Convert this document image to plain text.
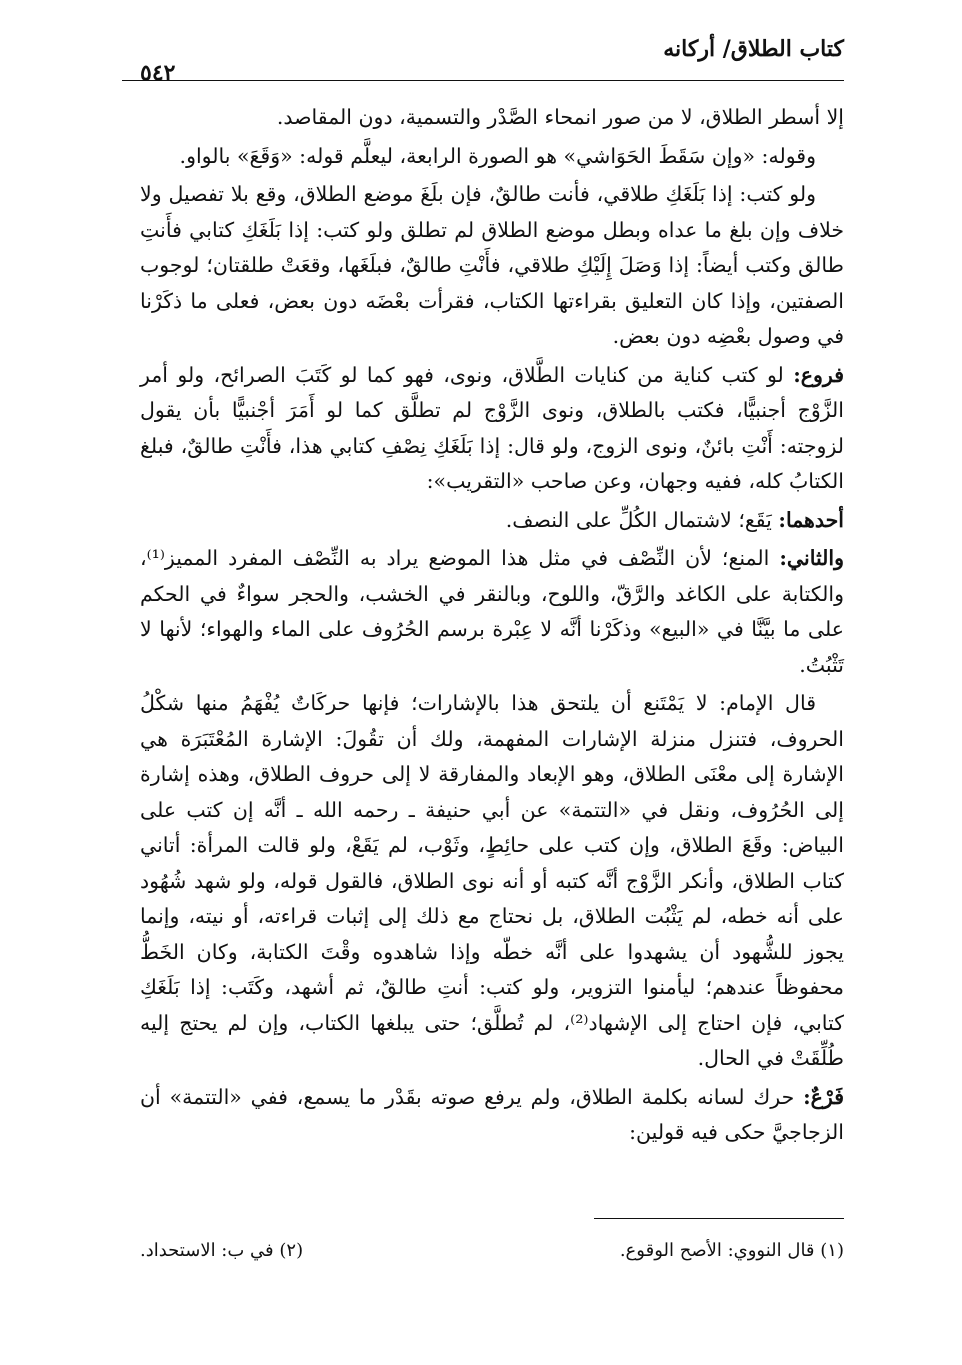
كتاب الطلاق/ أركانه
٥٤٢

إلا أسطر الطلاق، لا من صور انمحاء الصَّدْر والتسمية، دون المقاصد.

وقوله: «وإن سَقَطَ الحَوَاشي» هو الصورة الرابعة، ليعلَّم قوله: «وَقَعَ» بالواو.

ولو كتب: إذا بَلَغَكِ طلاقي، فأنت طالقٌ، فإن بلَغَ موضع الطلاق، وقع بلا تفصيل ولا خلاف وإن بلغ ما عداه وبطل موضع الطلاق لم تطلق ولو كتب: إذا بَلَغَكِ كتابي فأَنتِ طالق وكتب أيضاً: إذا وَصَلَ إِلَيْكِ طلاقي، فأَنْتِ طالقٌ، فبلَغَها، وقعَتْ طلقتان؛ لوجوب الصفتين، وإذا كان التعليق بقراءتها الكتاب، فقرأت بعْضَه دون بعض، فعلى ما ذكَرْنا في وصول بعْضِه دون بعض.

فروع: لو كتب كناية من كنايات الطَّلاق، ونوى، فهو كما لو كَتَبَ الصرائح، ولو أمر الزَّوْج أجنبيًّا، فكتب بالطلاق، ونوى الزَّوْج لم تطلَّق كما لو أَمَرَ أجْنبيًّا بأن يقول لزوجته: أَنْتِ بائنٌ، ونوى الزوج، ولو قال: إذا بَلَغَكِ نِصْفِ كتابي هذا، فأَنْتِ طالقٌ، فبلغ الكتابُ كله، ففيه وجهان، وعن صاحب «التقريب»:

أحدهما: يَقَع؛ لاشتمال الكُلِّ على النصف.

والثاني: المنع؛ لأن النِّصْف في مثل هذا الموضع يراد به النِّصْف المفرد المميز⁽¹⁾، والكتابة على الكاغد والرَّقّ، واللوح، وبالنقر في الخشب، والحجر سواءٌ في الحكم على ما بيَّنَّا في «البيع» وذكَرْنا أنَّه لا عِبْرة برسم الحُرُوف على الماء والهواء؛ لأنها لا تَثْبُتُ.

قال الإمام: لا يَمْتَنع أن يلتحق هذا بالإشارات؛ فإنها حركَاتٌ يُفْهَمُ منها شكْلُ الحروف، فتنزل منزلة الإشارات المفهمة، ولك أن تقُولَ: الإشارة المُعْتَبَرَة هي الإشارة إلى معْنَى الطلاق، وهو الإبعاد والمفارقة لا إلى حروف الطلاق، وهذه إشارة إلى الحُرُوف، ونقل في «التتمة» عن أبي حنيفة ـ رحمه الله ـ أنَّه إن كتب على البياض: وقَعَ الطلاق، وإن كتب على حائِطٍ، وثَوْب، لم يَقَعْ، ولو قالت المرأة: أتاني كتاب الطلاق، وأنكر الزَّوْج أنَّه كتبه أو أنه نوى الطلاق، فالقول قوله، ولو شهد شُهُود على أنه خطه، لم يَثْبُت الطلاق، بل نحتاج مع ذلك إلى إثبات قراءته، أو نيته، وإنما يجوز للشُّهود أن يشهدوا على أنَّه خطّه وإذا شاهدوه وقْتَ الكتابة، وكان الخَطُّ محفوظاً عندهم؛ ليأمنوا التزوير، ولو كتب: أنتِ طالقٌ، ثم أشهد، وكَتَب: إذا بَلَغَكِ كتابي، فإن احتاج إلى الإشهاد⁽²⁾، لم تُطلَّق؛ حتى يبلغها الكتاب، وإن لم يحتج إليه طُلِّقَتْ في الحال.

فَرْعٌ: حرك لسانه بكلمة الطلاق، ولم يرفع صوته بقَدْر ما يسمع، ففي «التتمة» أن الزجاجيَّ حكى فيه قولين:

(١) قال النووي: الأصح الوقوع.
(٢) في ب: الاستحداد.
